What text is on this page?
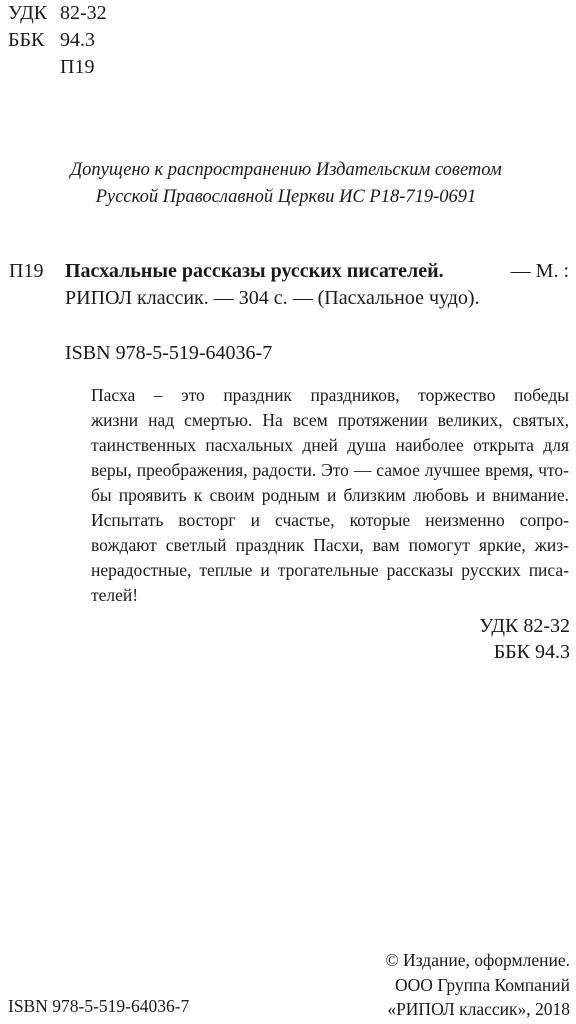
УДК 82-32
ББК 94.3
П19
Допущено к распространению Издательским советом
Русской Православной Церкви ИС Р18-719-0691
П19 Пасхальные рассказы русских писателей.	— М. :
РИПОЛ классик. — 304 с. — (Пасхальное чудо).
ISBN 978-5-519-64036-7

Пасха – это праздник праздников, торжество победы
жизни над смертью. На всем протяжении великих, святых,
таинственных пасхальных дней душа наиболее открыта для
веры, преображения, радости. Это — самое лучшее время, что-
бы проявить к своим родным и близким любовь и внимание.

Испытать восторг и счастье, которые неизменно сопро-
вождают светлый праздник Пасхи, вам помогут яркие, жиз-
нерадостные, теплые и трогательные рассказы русских писа-
телей!

УДК 82-32
ББК 94.3
© Издание, оформление.
ООО Группа Компаний
«РИПОЛ классик», 2018
ISBN 978-5-519-64036-7
